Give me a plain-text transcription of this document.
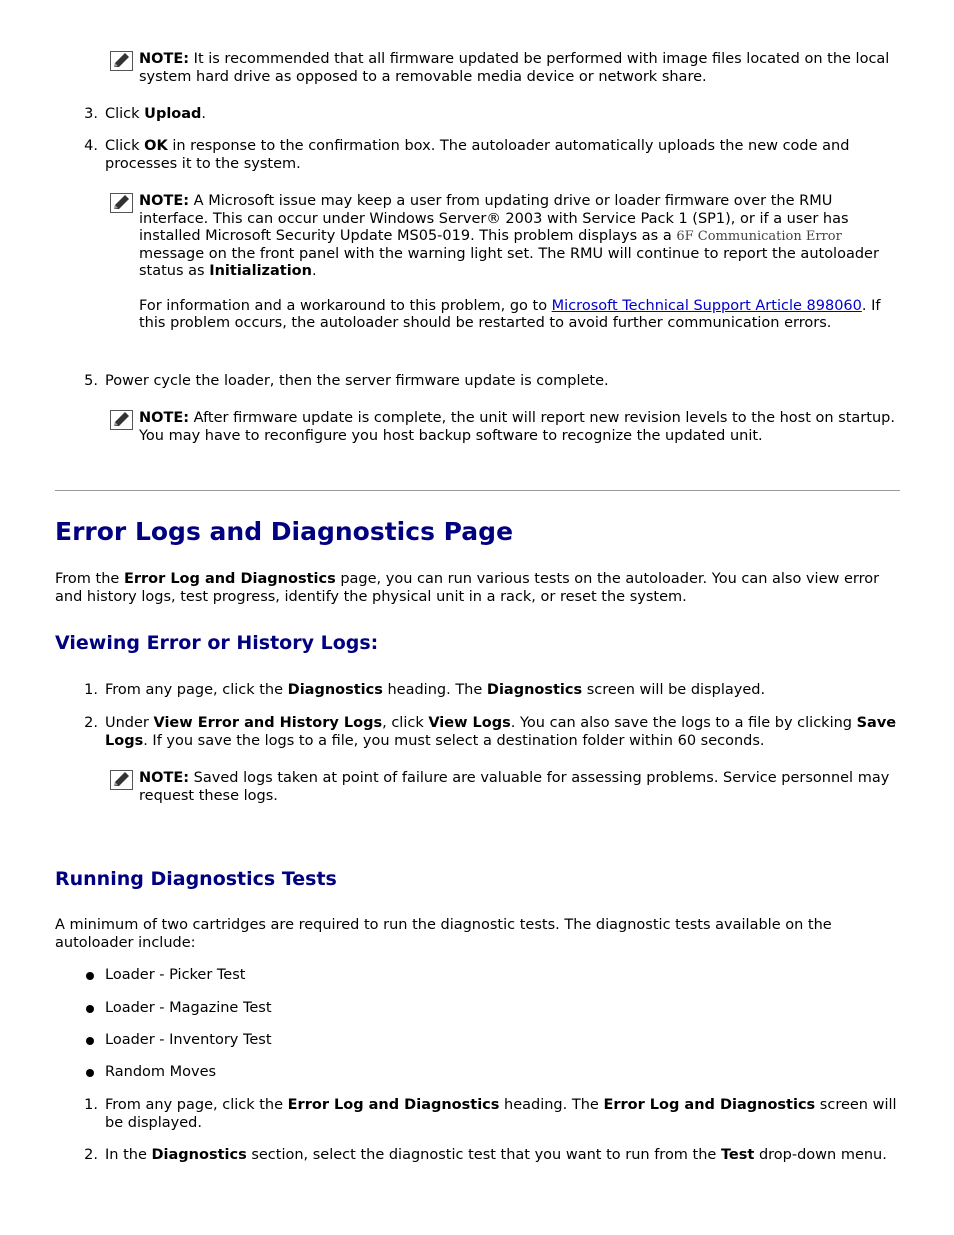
NOTE: It is recommended that all firmware updated be performed with image files located on the local system hard drive as opposed to a removable media device or network share.
3. Click Upload.
4. Click OK in response to the confirmation box. The autoloader automatically uploads the new code and processes it to the system.
NOTE: A Microsoft issue may keep a user from updating drive or loader firmware over the RMU interface. This can occur under Windows Server® 2003 with Service Pack 1 (SP1), or if a user has installed Microsoft Security Update MS05-019. This problem displays as a 6F Communication Error message on the front panel with the warning light set. The RMU will continue to report the autoloader status as Initialization.
For information and a workaround to this problem, go to Microsoft Technical Support Article 898060. If this problem occurs, the autoloader should be restarted to avoid further communication errors.
5. Power cycle the loader, then the server firmware update is complete.
NOTE: After firmware update is complete, the unit will report new revision levels to the host on startup. You may have to reconfigure you host backup software to recognize the updated unit.
Error Logs and Diagnostics Page
From the Error Log and Diagnostics page, you can run various tests on the autoloader. You can also view error and history logs, test progress, identify the physical unit in a rack, or reset the system.
Viewing Error or History Logs:
1. From any page, click the Diagnostics heading. The Diagnostics screen will be displayed.
2. Under View Error and History Logs, click View Logs. You can also save the logs to a file by clicking Save Logs. If you save the logs to a file, you must select a destination folder within 60 seconds.
NOTE: Saved logs taken at point of failure are valuable for assessing problems. Service personnel may request these logs.
Running Diagnostics Tests
A minimum of two cartridges are required to run the diagnostic tests. The diagnostic tests available on the autoloader include:
Loader - Picker Test
Loader - Magazine Test
Loader - Inventory Test
Random Moves
1. From any page, click the Error Log and Diagnostics heading. The Error Log and Diagnostics screen will be displayed.
2. In the Diagnostics section, select the diagnostic test that you want to run from the Test drop-down menu.
